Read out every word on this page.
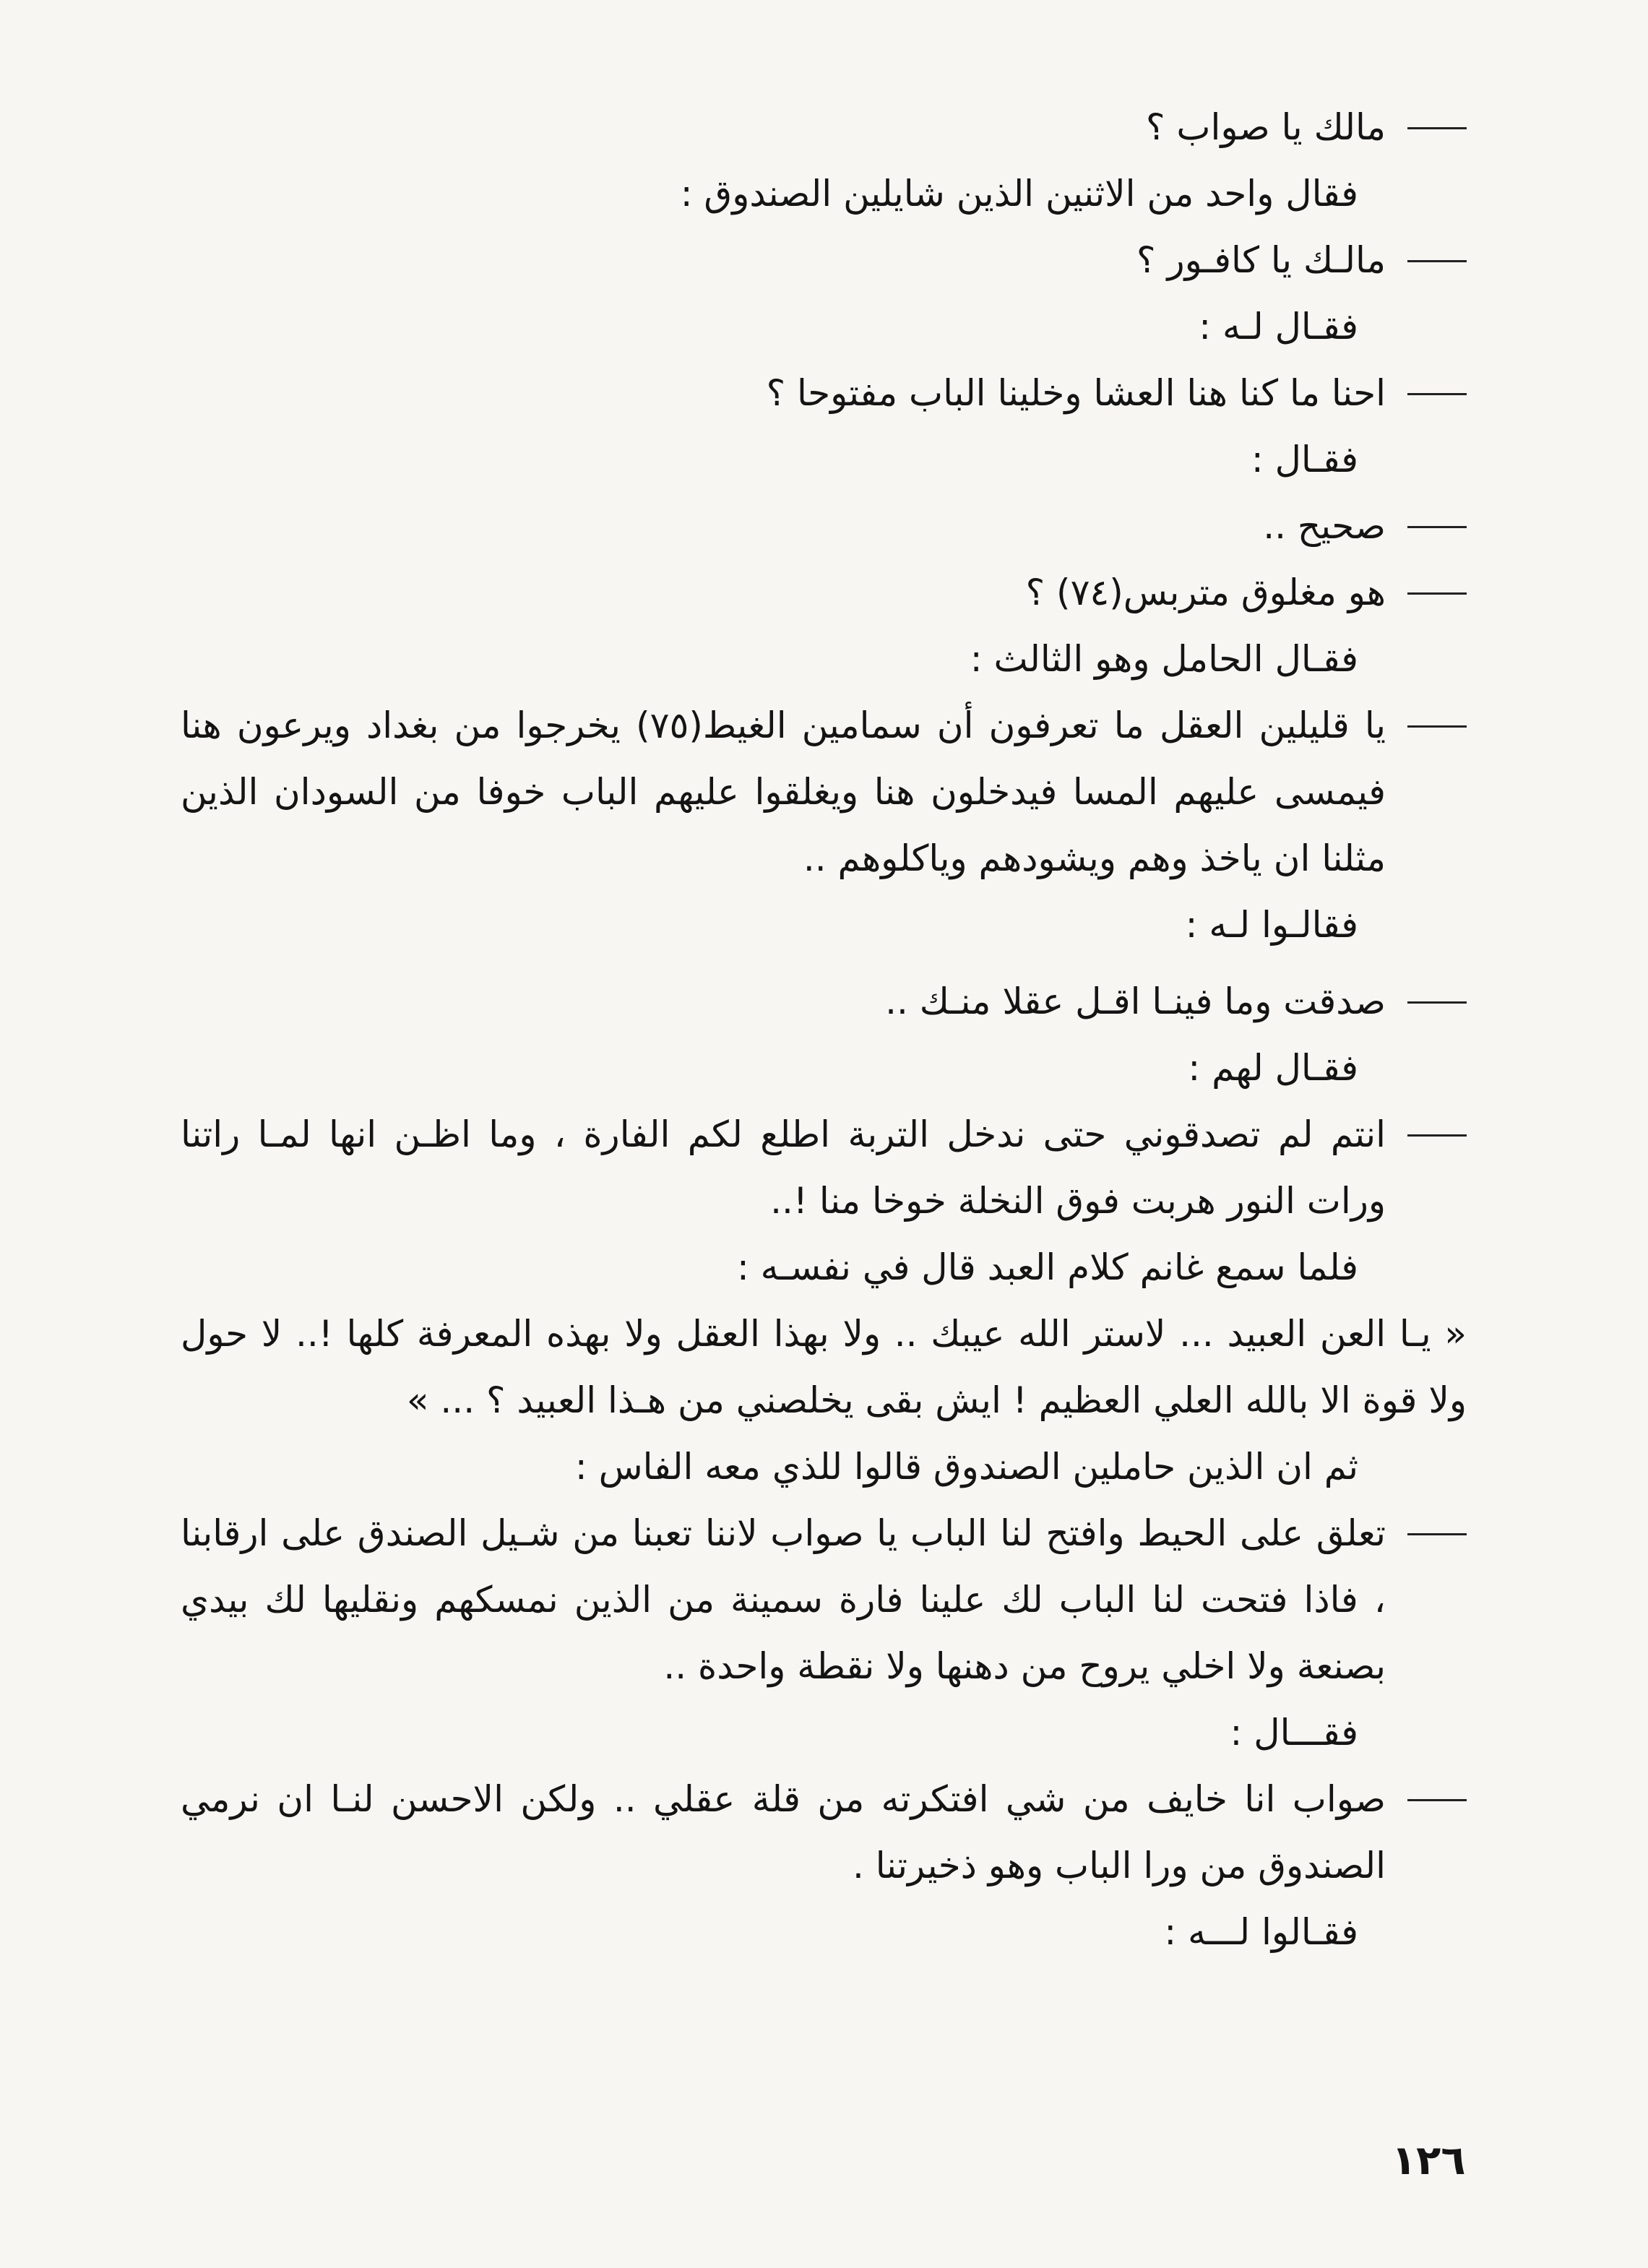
مالك يا صواب ؟
فقال واحد من الاثنين الذين شايلين الصندوق :
مالـك يا كافـور ؟
فقـال لـه :
احنا ما كنا هنا العشا وخلينا الباب مفتوحا ؟
فقـال :
صحيح ..
هو مغلوق متربس(٧٤) ؟
فقـال الحامل وهو الثالث :
يا قليلين العقل ما تعرفون أن سمامين الغيط(٧٥) يخرجوا من بغداد ويرعون هنا فيمسى عليهم المسا فيدخلون هنا ويغلقوا عليهم الباب خوفا من السودان الذين مثلنا ان ياخذ وهم ويشودهم وياكلوهم ..
فقالـوا لـه :
صدقت وما فينـا اقـل عقلا منـك ..
فقـال لهم :
انتم لم تصدقوني حتى ندخل التربة اطلع لكم الفارة ، وما اظـن انها لمـا راتنا ورات النور هربت فوق النخلة خوخا منا !..
فلما سمع غانم كلام العبد قال في نفسـه :
« يـا العن العبيد ... لاستر الله عيبك .. ولا بهذا العقل ولا بهذه المعرفة كلها !.. لا حول ولا قوة الا بالله العلي العظيم ! ايش بقى يخلصني من هـذا العبيد ؟ ... »
ثم ان الذين حاملين الصندوق قالوا للذي معه الفاس :
تعلق على الحيط وافتح لنا الباب يا صواب لاننا تعبنا من شـيل الصندق على ارقابنا ، فاذا فتحت لنا الباب لك علينا فارة سمينة من الذين نمسكهم ونقليها لك بيدي بصنعة ولا اخلي يروح من دهنها ولا نقطة واحدة ..
فقـــال :
صواب انا خايف من شي افتكرته من قلة عقلي .. ولكن الاحسن لنـا ان نرمي الصندوق من ورا الباب وهو ذخيرتنا .
فقـالوا لـــه :
١٢٦
